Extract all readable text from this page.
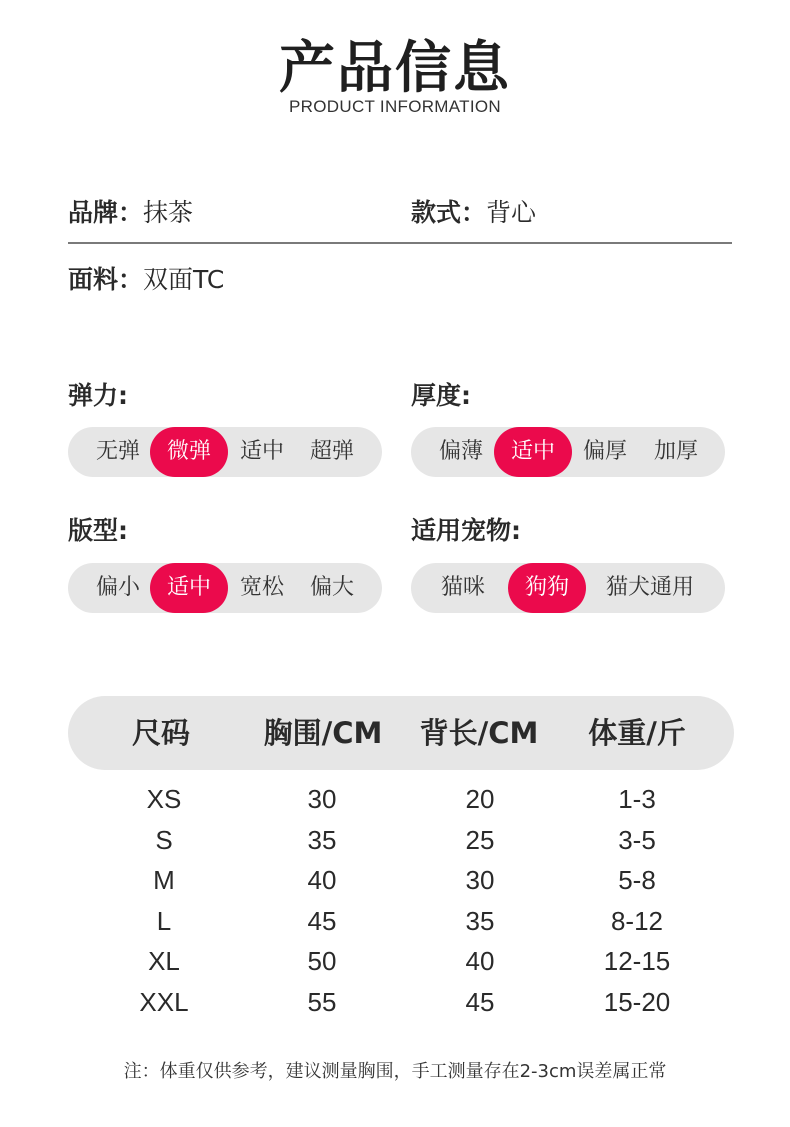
产品信息
PRODUCT INFORMATION
品牌：抹茶	款式：背心
面料：双面TC
弹力:
无弹	微弹	适中	超弹
厚度:
偏薄	适中	偏厚	加厚
版型:
偏小	适中	宽松	偏大
适用宠物:
猫咪	狗狗	猫犬通用
尺码	胸围/CM	背长/CM	体重/斤
XS	30	20	1-3
S	35	25	3-5
M	40	30	5-8
L	45	35	8-12
XL	50	40	12-15
XXL	55	45	15-20
注：体重仅供参考，建议测量胸围，手工测量存在2-3cm误差属正常
